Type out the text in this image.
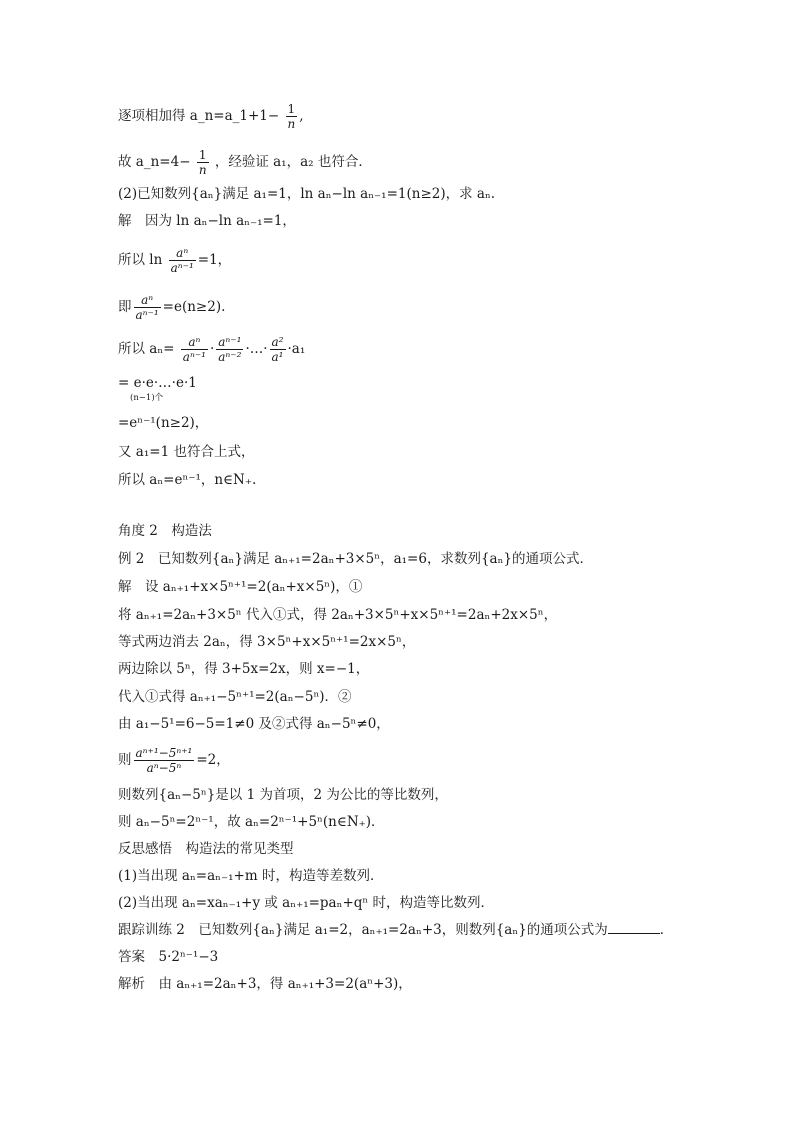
逐项相加得 a_n=a_1+1− $\frac{1}{n}$ ,
故 a_n=4− $\frac{1}{n}$ ，经验证 a₁，a₂ 也符合．
(2)已知数列{aₙ}满足 a₁=1，ln aₙ−ln aₙ₋₁=1(n≥2)，求 aₙ.
解　因为 ln aₙ−ln aₙ₋₁=1，
所以 $\ln \frac{\text{aⁿ}}{\text{aⁿ⁻¹}} =1$，
即 $\frac{\text{aⁿ}}{\text{aⁿ⁻¹}} =e(n\ge 2)$.
所以 $a_n= \frac{\text{aⁿ}}{\text{aⁿ⁻¹}} \cdot \frac{\text{aⁿ⁻¹}}{\text{aⁿ⁻²}}$ ·…· $\frac{\text{a²}}{\text{a¹}} \cdot a_1$
= e·e·…·e·1
(n−1)个
=eⁿ⁻¹(n≥2)，
又 a₁=1 也符合上式，
所以 aₙ=eⁿ⁻¹，n∈N₊.
角度 2　构造法
例 2　已知数列{aₙ}满足 aₙ₊₁=2aₙ+3×5ⁿ，a₁=6，求数列{aₙ}的通项公式．
解　设 aₙ₊₁+x×5ⁿ⁺¹=2(aₙ+x×5ⁿ)，①
将 aₙ₊₁=2aₙ+3×5ⁿ 代入①式，得 2aₙ+3×5ⁿ+x×5ⁿ⁺¹=2aₙ+2x×5ⁿ，
等式两边消去 2aₙ，得 3×5ⁿ+x×5ⁿ⁺¹=2x×5ⁿ，
两边除以 5ⁿ，得 3+5x=2x，则 x=−1，
代入①式得 aₙ₊₁−5ⁿ⁺¹=2(aₙ−5ⁿ)．②
由 a₁−5¹=6−5=1≠0 及②式得 aₙ−5ⁿ≠0，
则 $\frac{\text{aⁿ⁺¹−5ⁿ⁺¹}}{\text{aⁿ−5ⁿ}} =2$，
则数列{aₙ−5ⁿ}是以 1 为首项，2 为公比的等比数列，
则 aₙ−5ⁿ=2ⁿ⁻¹，故 aₙ=2ⁿ⁻¹+5ⁿ(n∈N₊)．
反思感悟　构造法的常见类型
(1)当出现 aₙ=aₙ₋₁+m 时，构造等差数列．
(2)当出现 aₙ=xaₙ₋₁+y 或 aₙ₊₁=paₙ+qⁿ 时，构造等比数列．
跟踪训练 2　已知数列{aₙ}满足 a₁=2，aₙ₊₁=2aₙ+3，则数列{aₙ}的通项公式为	．
答案　5·2ⁿ⁻¹−3
解析　由 aₙ₊₁=2aₙ+3，得 aₙ₊₁+3=2(aⁿ+3)，
